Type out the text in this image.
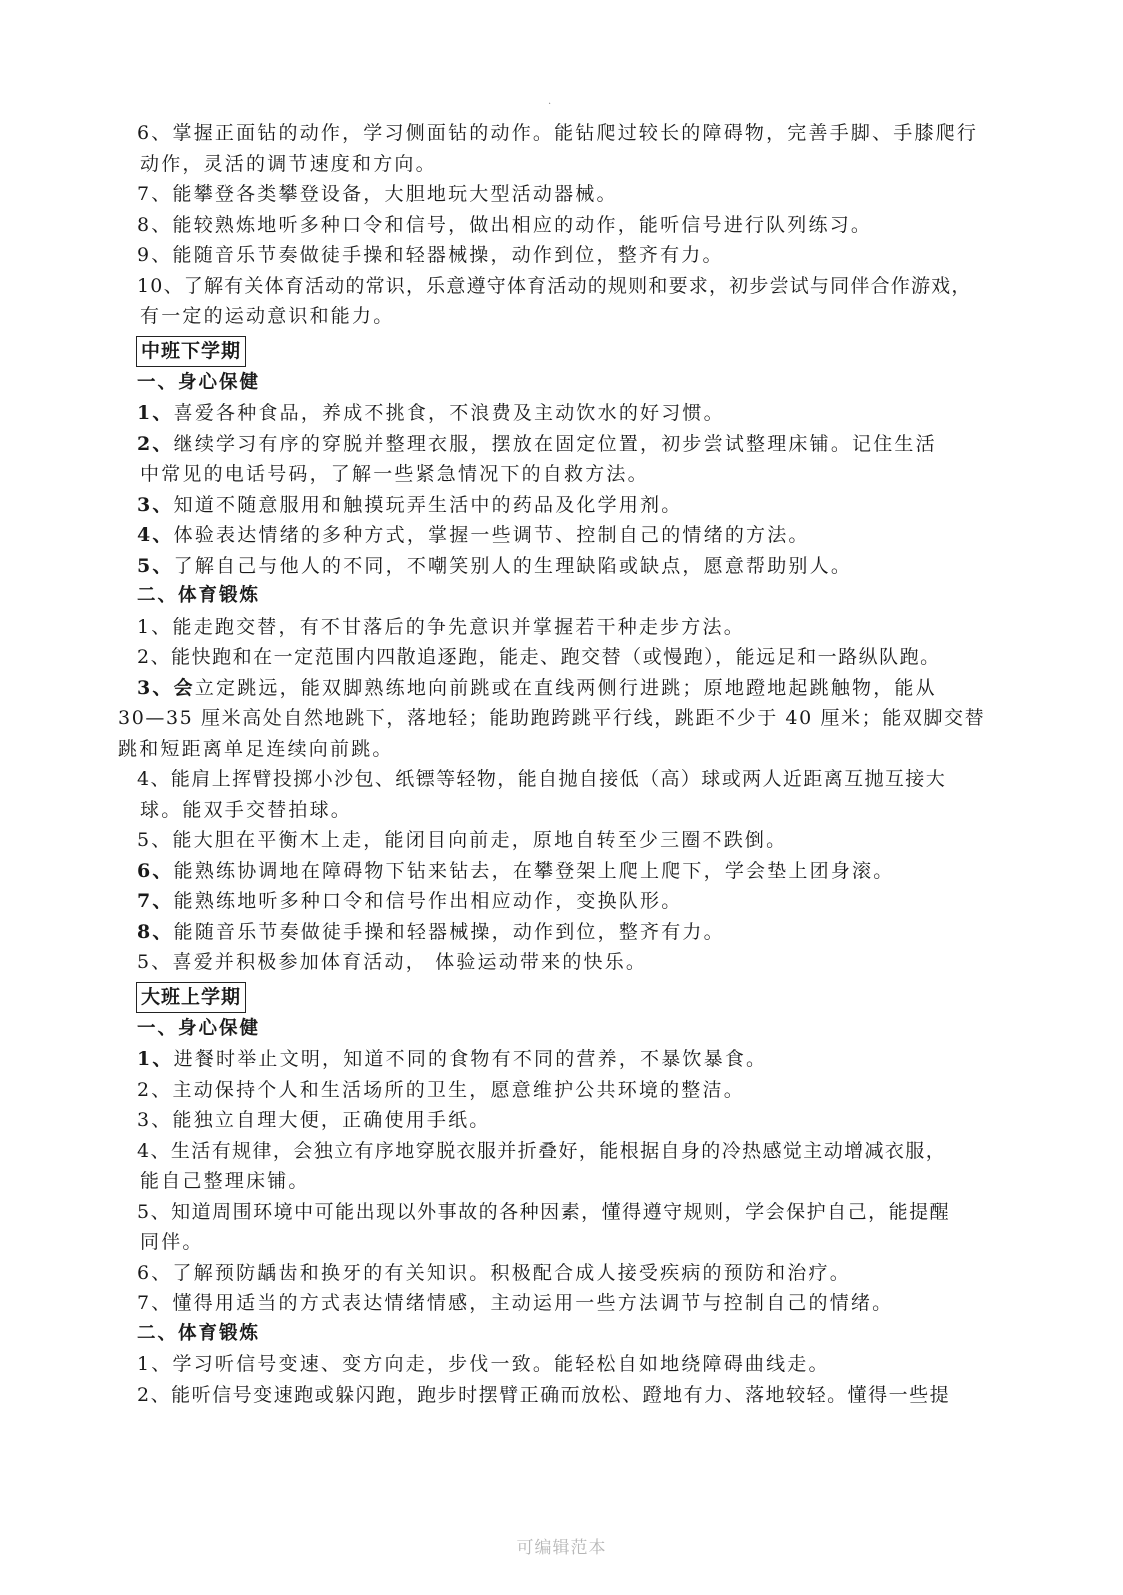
.
6、掌握正面钻的动作，学习侧面钻的动作。能钻爬过较长的障碍物，完善手脚、手膝爬行
动作，灵活的调节速度和方向。
7、能攀登各类攀登设备，大胆地玩大型活动器械。
8、能较熟炼地听多种口令和信号，做出相应的动作，能听信号进行队列练习。
9、能随音乐节奏做徒手操和轻器械操，动作到位，整齐有力。
10、了解有关体育活动的常识，乐意遵守体育活动的规则和要求，初步尝试与同伴合作游戏，
有一定的运动意识和能力。
中班下学期
一、身心保健
1、喜爱各种食品，养成不挑食，不浪费及主动饮水的好习惯。
2、继续学习有序的穿脱并整理衣服，摆放在固定位置，初步尝试整理床铺。记住生活
中常见的电话号码，了解一些紧急情况下的自救方法。
3、知道不随意服用和触摸玩弄生活中的药品及化学用剂。
4、体验表达情绪的多种方式，掌握一些调节、控制自己的情绪的方法。
5、了解自己与他人的不同，不嘲笑别人的生理缺陷或缺点，愿意帮助别人。
二、体育锻炼
1、能走跑交替，有不甘落后的争先意识并掌握若干种走步方法。
2、能快跑和在一定范围内四散追逐跑，能走、跑交替（或慢跑），能远足和一路纵队跑。
3、会立定跳远，能双脚熟练地向前跳或在直线两侧行进跳；原地蹬地起跳触物，能从
30—35 厘米高处自然地跳下，落地轻；能助跑跨跳平行线，跳距不少于 40 厘米；能双脚交替
跳和短距离单足连续向前跳。
4、能肩上挥臂投掷小沙包、纸镖等轻物，能自抛自接低（高）球或两人近距离互抛互接大
球。能双手交替拍球。
5、能大胆在平衡木上走，能闭目向前走，原地自转至少三圈不跌倒。
6、能熟练协调地在障碍物下钻来钻去，在攀登架上爬上爬下，学会垫上团身滚。
7、能熟练地听多种口令和信号作出相应动作，变换队形。
8、能随音乐节奏做徒手操和轻器械操，动作到位，整齐有力。
5、喜爱并积极参加体育活动， 体验运动带来的快乐。
大班上学期
一、身心保健
1、进餐时举止文明，知道不同的食物有不同的营养，不暴饮暴食。
2、主动保持个人和生活场所的卫生，愿意维护公共环境的整洁。
3、能独立自理大便，正确使用手纸。
4、生活有规律，会独立有序地穿脱衣服并折叠好，能根据自身的冷热感觉主动增减衣服，
能自己整理床铺。
5、知道周围环境中可能出现以外事故的各种因素，懂得遵守规则，学会保护自己，能提醒
同伴。
6、了解预防龋齿和换牙的有关知识。积极配合成人接受疾病的预防和治疗。
7、懂得用适当的方式表达情绪情感，主动运用一些方法调节与控制自己的情绪。
二、体育锻炼
1、学习听信号变速、变方向走，步伐一致。能轻松自如地绕障碍曲线走。
2、能听信号变速跑或躲闪跑，跑步时摆臂正确而放松、蹬地有力、落地较轻。懂得一些提
可编辑范本
